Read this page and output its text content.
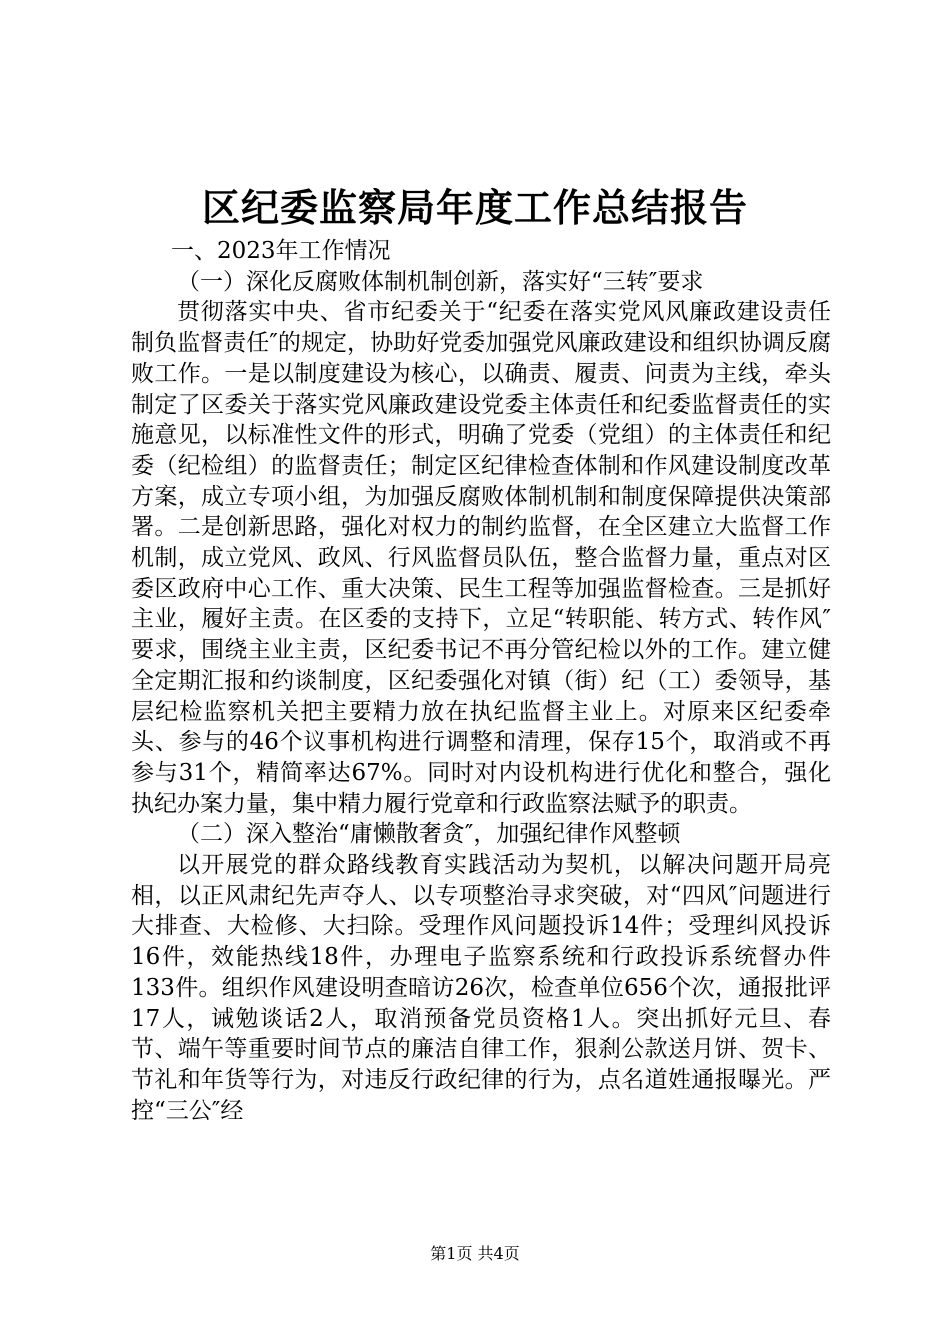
区纪委监察局年度工作总结报告

一、2023年工作情况

（一）深化反腐败体制机制创新，落实好“三转″要求

贯彻落实中央、省市纪委关于“纪委在落实党风风廉政建设责任制负监督责任″的规定，协助好党委加强党风廉政建设和组织协调反腐败工作。一是以制度建设为核心，以确责、履责、问责为主线，牵头制定了区委关于落实党风廉政建设党委主体责任和纪委监督责任的实施意见，以标准性文件的形式，明确了党委（党组）的主体责任和纪委（纪检组）的监督责任；制定区纪律检查体制和作风建设制度改革方案，成立专项小组，为加强反腐败体制机制和制度保障提供决策部署。二是创新思路，强化对权力的制约监督，在全区建立大监督工作机制，成立党风、政风、行风监督员队伍，整合监督力量，重点对区委区政府中心工作、重大决策、民生工程等加强监督检查。三是抓好主业，履好主责。在区委的支持下，立足“转职能、转方式、转作风″要求，围绕主业主责，区纪委书记不再分管纪检以外的工作。建立健全定期汇报和约谈制度，区纪委强化对镇（街）纪（工）委领导，基层纪检监察机关把主要精力放在执纪监督主业上。对原来区纪委牵头、参与的46个议事机构进行调整和清理，保存15个，取消或不再参与31个，精简率达67%。同时对内设机构进行优化和整合，强化执纪办案力量，集中精力履行党章和行政监察法赋予的职责。

（二）深入整治“庸懒散奢贪″，加强纪律作风整顿

以开展党的群众路线教育实践活动为契机，以解决问题开局亮相，以正风肃纪先声夺人、以专项整治寻求突破，对“四风″问题进行大排查、大检修、大扫除。受理作风问题投诉14件；受理纠风投诉16件，效能热线18件，办理电子监察系统和行政投诉系统督办件133件。组织作风建设明查暗访26次，检查单位656个次，通报批评17人，诫勉谈话2人，取消预备党员资格1人。突出抓好元旦、春节、端午等重要时间节点的廉洁自律工作，狠刹公款送月饼、贺卡、节礼和年货等行为，对违反行政纪律的行为，点名道姓通报曝光。严控“三公″经

第1页 共4页
